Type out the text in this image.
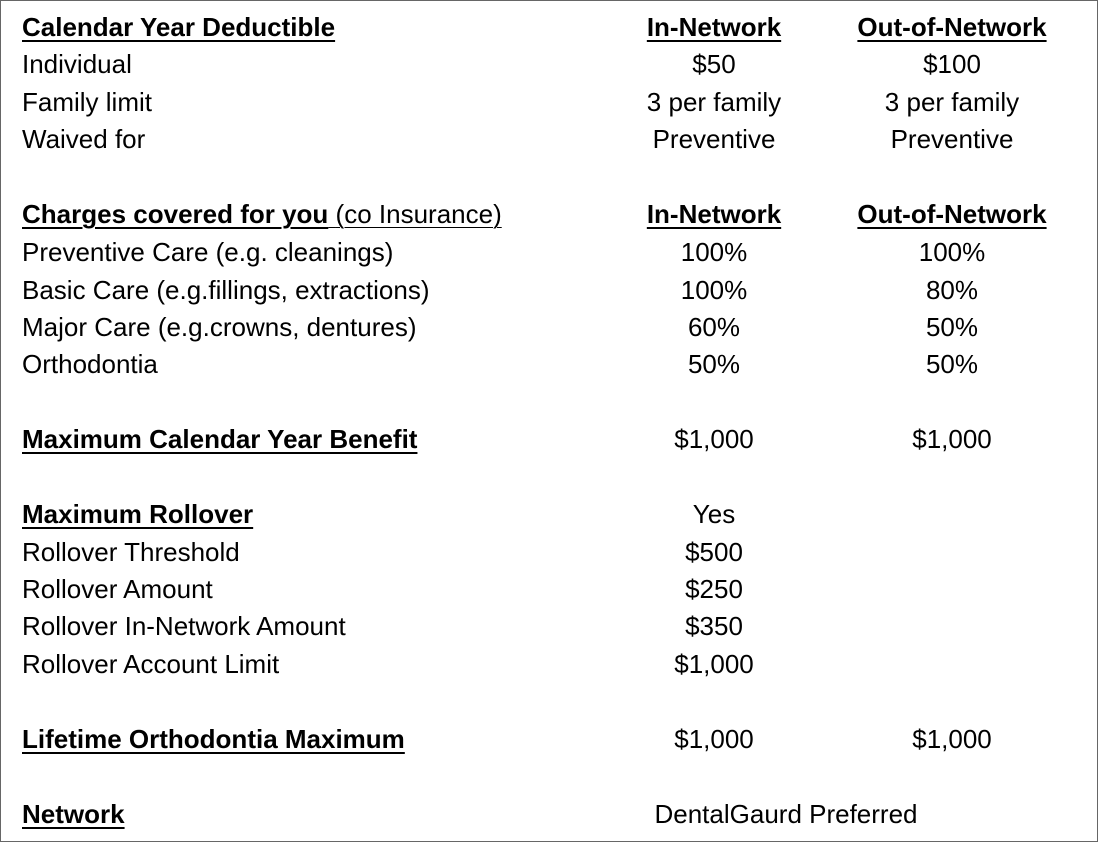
Calendar Year Deductible	In-Network	Out-of-Network
Individual	$50	$100
Family limit	3 per family	3 per family
Waived for	Preventive	Preventive
Charges covered for you (co Insurance)	In-Network	Out-of-Network
Preventive Care (e.g. cleanings)	100%	100%
Basic Care (e.g.fillings, extractions)	100%	80%
Major Care (e.g.crowns, dentures)	60%	50%
Orthodontia	50%	50%
Maximum Calendar Year Benefit	$1,000	$1,000
Maximum Rollover	Yes
Rollover Threshold	$500
Rollover Amount	$250
Rollover In-Network Amount	$350
Rollover Account Limit	$1,000
Lifetime Orthodontia Maximum	$1,000	$1,000
Network	DentalGaurd Preferred
